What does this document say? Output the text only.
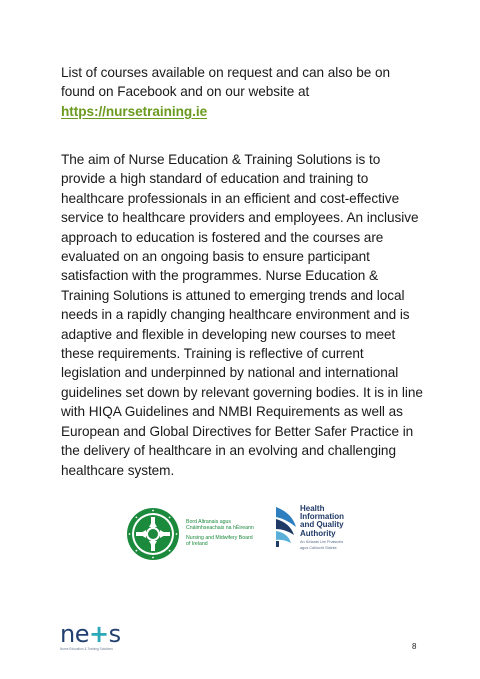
List of courses available on request and can also be on found on Facebook and on our website at
https://nursetraining.ie
The aim of Nurse Education & Training Solutions is to provide a high standard of education and training to healthcare professionals in an efficient and cost-effective service to healthcare providers and employees. An inclusive approach to education is fostered and the courses are evaluated on an ongoing basis to ensure participant satisfaction with the programmes. Nurse Education & Training Solutions is attuned to emerging trends and local needs in a rapidly changing healthcare environment and is adaptive and flexible in developing new courses to meet these requirements. Training is reflective of current legislation and underpinned by national and international guidelines set down by relevant governing bodies. It is in line with HIQA Guidelines and NMBI Requirements as well as European and Global Directives for Better Safer Practice in the delivery of healthcare in an evolving and challenging healthcare system.
Bord Altranais agus
Cnáimhseachais na hÉireann
Nursing and Midwifery Board
of Ireland
Health
Information
and Quality
Authority
An tÚdarás Um Fhaisnéis
agus Cáilíocht Sláinte
ne+s
Nurse Education & Training Solutions	8
